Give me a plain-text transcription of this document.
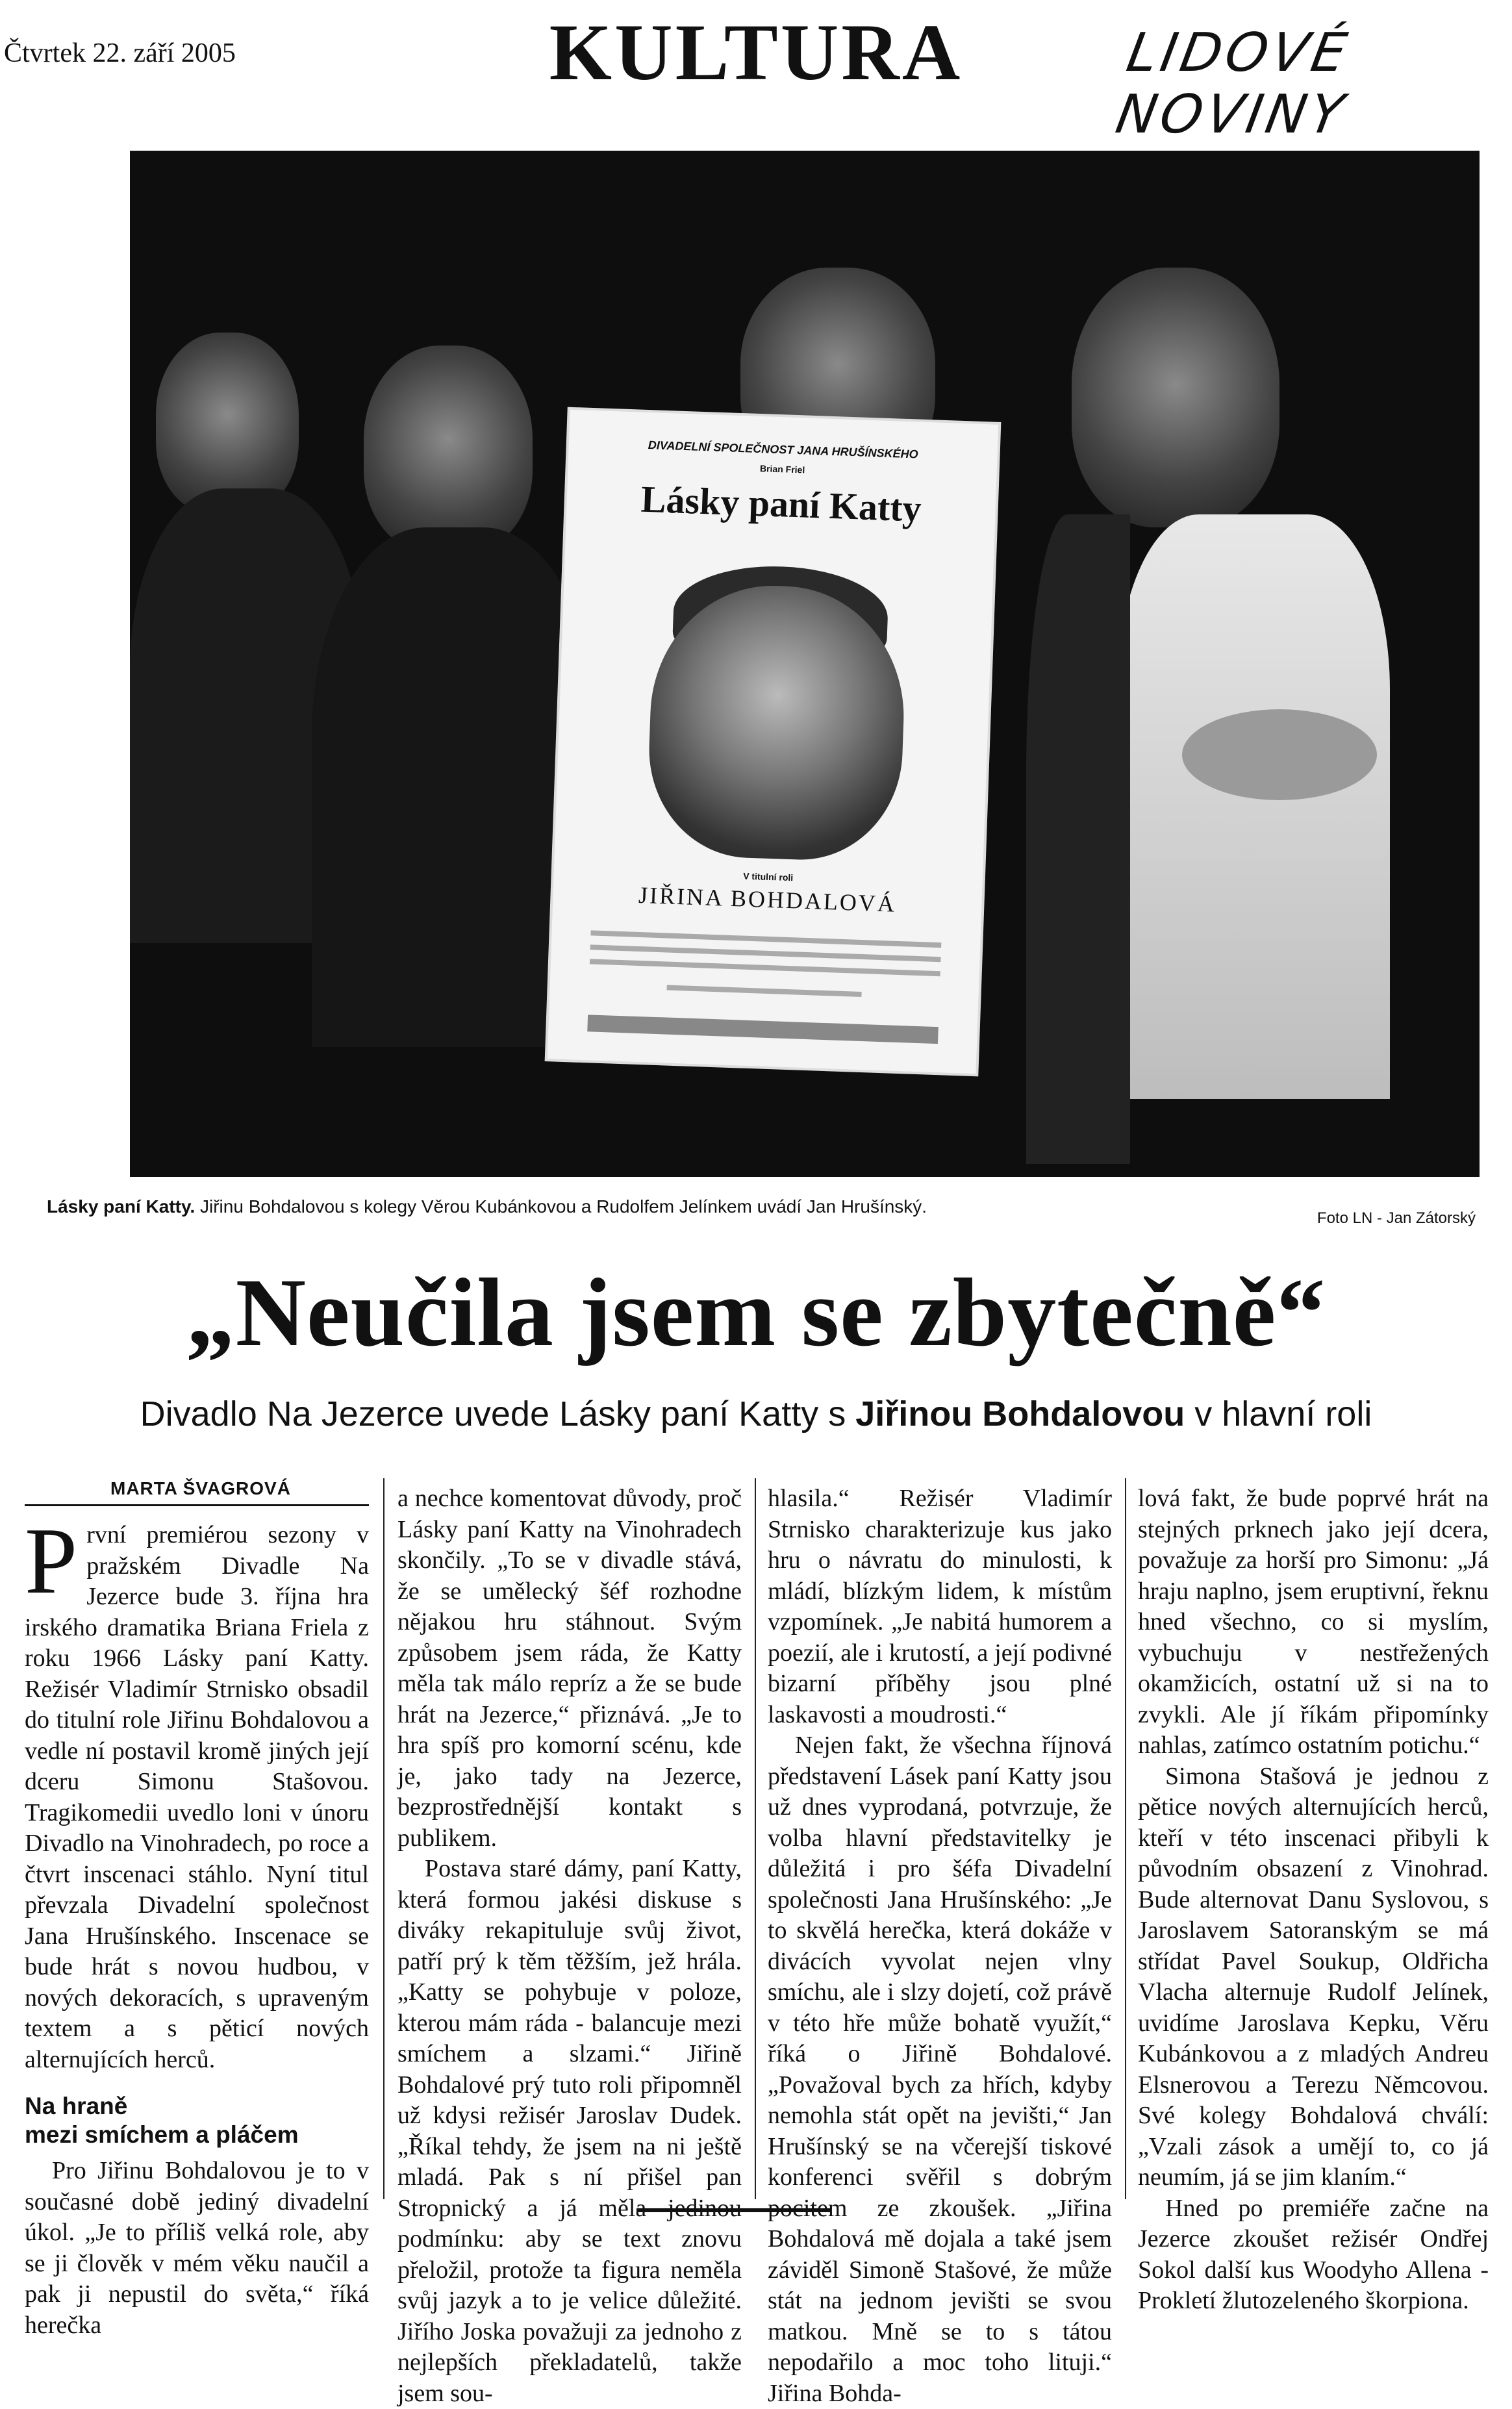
Čtvrtek 22. září 2005	KULTURA	LIDOVÉ NOVINY
DIVADELNÍ SPOLEČNOST JANA HRUŠÍNSKÉHO
Brian Friel
Lásky paní Katty
V titulní roli
JIŘINA BOHDALOVÁ
Lásky paní Katty. Jiřinu Bohdalovou s kolegy Věrou Kubánkovou a Rudolfem Jelínkem uvádí Jan Hrušínský.
Foto LN - Jan Zátorský
„Neučila jsem se zbytečně“
Divadlo Na Jezerce uvede Lásky paní Katty s Jiřinou Bohdalovou v hlavní roli
MARTA ŠVAGROVÁ

První premiérou sezony v pražském Divadle Na Jezerce bude 3. října hra irského dramatika Briana Friela z roku 1966 Lásky paní Katty. Režisér Vladimír Strnisko obsadil do titulní role Jiřinu Bohdalovou a vedle ní postavil kromě jiných její dceru Simonu Stašovou. Tragikomedii uvedlo loni v únoru Divadlo na Vinohradech, po roce a čtvrt inscenaci stáhlo. Nyní titul převzala Divadelní společnost Jana Hrušínského. Inscenace se bude hrát s novou hudbou, v nových dekoracích, s upraveným textem a s pěticí nových alternujících herců.

Na hraně
mezi smíchem a pláčem

Pro Jiřinu Bohdalovou je to v současné době jediný divadelní úkol. „Je to příliš velká role, aby se ji člověk v mém věku naučil a pak ji nepustil do světa,“ říká herečka

a nechce komentovat důvody, proč Lásky paní Katty na Vinohradech skončily. „To se v divadle stává, že se umělecký šéf rozhodne nějakou hru stáhnout. Svým způsobem jsem ráda, že Katty měla tak málo repríz a že se bude hrát na Jezerce,“ přiznává. „Je to hra spíš pro komorní scénu, kde je, jako tady na Jezerce, bezprostřednější kontakt s publikem.

Postava staré dámy, paní Katty, která formou jakési diskuse s diváky rekapituluje svůj život, patří prý k těm těžším, jež hrála. „Katty se pohybuje v poloze, kterou mám ráda - balancuje mezi smíchem a slzami.“ Jiřině Bohdalové prý tuto roli připomněl už kdysi režisér Jaroslav Dudek. „Říkal tehdy, že jsem na ni ještě mladá. Pak s ní přišel pan Stropnický a já měla jedinou podmínku: aby se text znovu přeložil, protože ta figura neměla svůj jazyk a to je velice důležité. Jiřího Joska považuji za jednoho z nejlepších překladatelů, takže jsem sou-

hlasila.“ Režisér Vladimír Strnisko charakterizuje kus jako hru o návratu do minulosti, k mládí, blízkým lidem, k místům vzpomínek. „Je nabitá humorem a poezií, ale i krutostí, a její podivné bizarní příběhy jsou plné laskavosti a moudrosti.“

Nejen fakt, že všechna říjnová představení Lásek paní Katty jsou už dnes vyprodaná, potvrzuje, že volba hlavní představitelky je důležitá i pro šéfa Divadelní společnosti Jana Hrušínského: „Je to skvělá herečka, která dokáže v divácích vyvolat nejen vlny smíchu, ale i slzy dojetí, což právě v této hře může bohatě využít,“ říká o Jiřině Bohdalové. „Považoval bych za hřích, kdyby nemohla stát opět na jevišti,“ Jan Hrušínský se na včerejší tiskové konferenci svěřil s dobrým pocitem ze zkoušek. „Jiřina Bohdalová mě dojala a také jsem záviděl Simoně Stašové, že může stát na jednom jevišti se svou matkou. Mně se to s tátou nepodařilo a moc toho lituji.“ Jiřina Bohda-

lová fakt, že bude poprvé hrát na stejných prknech jako její dcera, považuje za horší pro Simonu: „Já hraju naplno, jsem eruptivní, řeknu hned všechno, co si myslím, vybuchuju v nestřežených okamžicích, ostatní už si na to zvykli. Ale jí říkám připomínky nahlas, zatímco ostatním potichu.“

Simona Stašová je jednou z pětice nových alternujících herců, kteří v této inscenaci přibyli k původním obsazení z Vinohrad. Bude alternovat Danu Syslovou, s Jaroslavem Satoranským se má střídat Pavel Soukup, Oldřicha Vlacha alternuje Rudolf Jelínek, uvidíme Jaroslava Kepku, Věru Kubánkovou a z mladých Andreu Elsnerovou a Terezu Němcovou. Své kolegy Bohdalová chválí: „Vzali zások a umějí to, co já neumím, já se jim klaním.“

Hned po premiéře začne na Jezerce zkoušet režisér Ondřej Sokol další kus Woodyho Allena - Prokletí žlutozeleného škorpiona.
